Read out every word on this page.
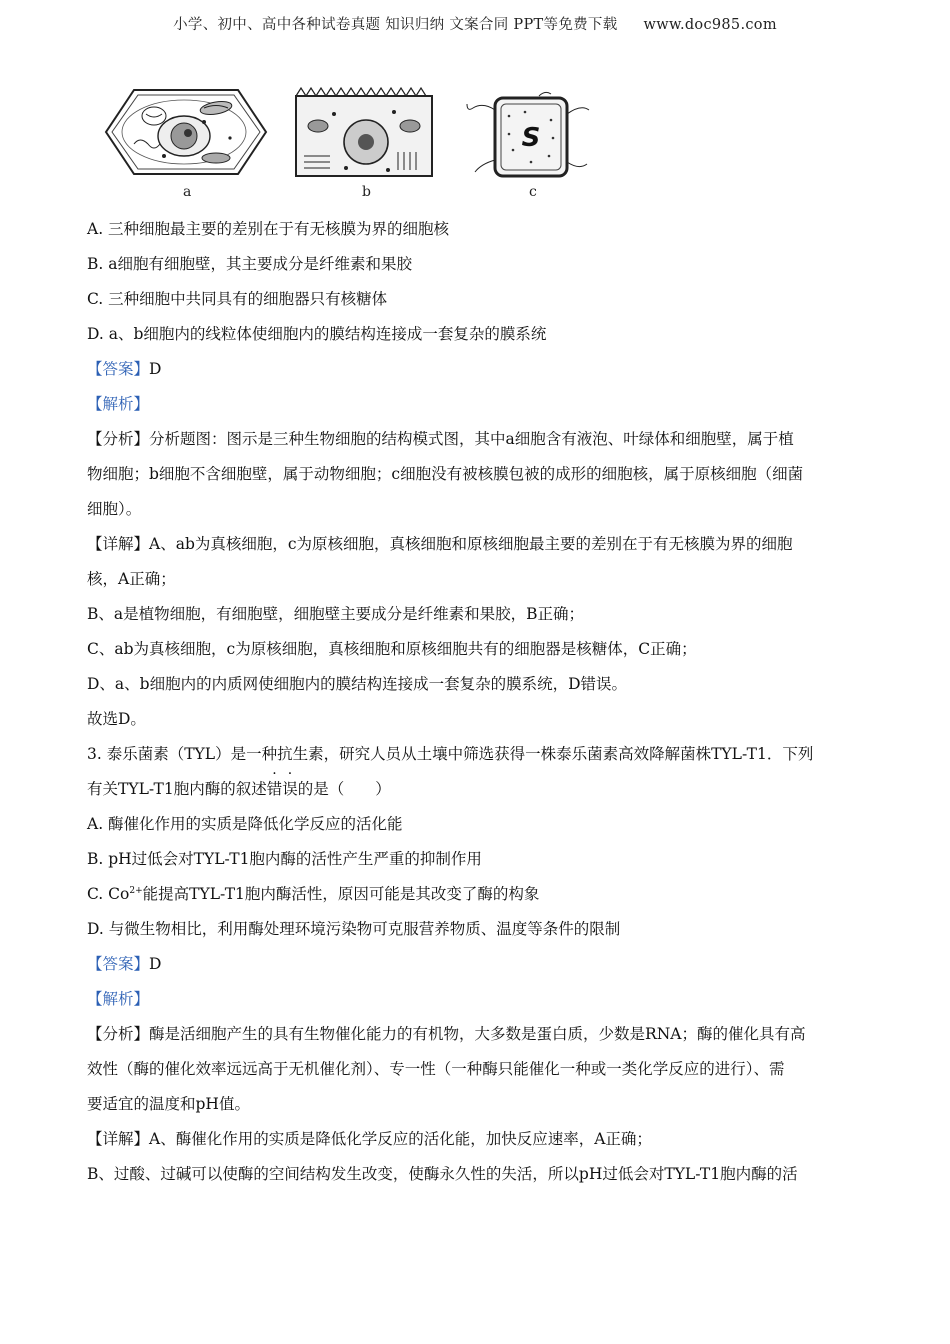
小学、初中、高中各种试卷真题 知识归纳 文案合同 PPT等免费下载 www.doc985.com
a	b
S
c
A. 三种细胞最主要的差别在于有无核膜为界的细胞核
B. a细胞有细胞壁，其主要成分是纤维素和果胶
C. 三种细胞中共同具有的细胞器只有核糖体
D. a、b细胞内的线粒体使细胞内的膜结构连接成一套复杂的膜系统
【答案】D
【解析】
【分析】分析题图：图示是三种生物细胞的结构模式图，其中a细胞含有液泡、叶绿体和细胞壁，属于植
物细胞；b细胞不含细胞壁，属于动物细胞；c细胞没有被核膜包被的成形的细胞核，属于原核细胞（细菌
细胞）。
【详解】A、ab为真核细胞，c为原核细胞，真核细胞和原核细胞最主要的差别在于有无核膜为界的细胞
核，A正确；
B、a是植物细胞，有细胞壁，细胞壁主要成分是纤维素和果胶，B正确；
C、ab为真核细胞，c为原核细胞，真核细胞和原核细胞共有的细胞器是核糖体，C正确；
D、a、b细胞内的内质网使细胞内的膜结构连接成一套复杂的膜系统，D错误。
故选D。
3. 泰乐菌素（TYL）是一种抗生素，研究人员从土壤中筛选获得一株泰乐菌素高效降解菌株TYL-T1．下列
有关TYL-T1胞内酶的叙述错误的是（　　）
A. 酶催化作用的实质是降低化学反应的活化能
B. pH过低会对TYL-T1胞内酶的活性产生严重的抑制作用
C. $Co^{2+}$能提高TYL-T1胞内酶活性，原因可能是其改变了酶的构象
D. 与微生物相比，利用酶处理环境污染物可克服营养物质、温度等条件的限制
【答案】D
【解析】
【分析】酶是活细胞产生的具有生物催化能力的有机物，大多数是蛋白质，少数是RNA；酶的催化具有高
效性（酶的催化效率远远高于无机催化剂）、专一性（一种酶只能催化一种或一类化学反应的进行）、需
要适宜的温度和pH值。
【详解】A、酶催化作用的实质是降低化学反应的活化能，加快反应速率，A正确；
B、过酸、过碱可以使酶的空间结构发生改变，使酶永久性的失活，所以pH过低会对TYL-T1胞内酶的活
